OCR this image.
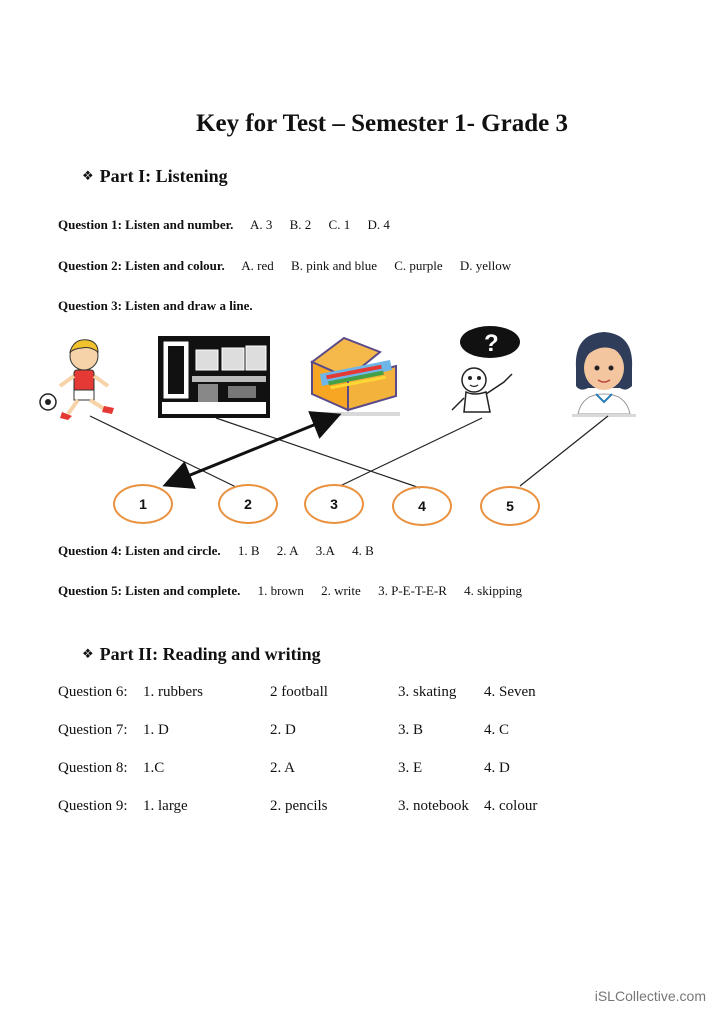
Key for Test – Semester 1- Grade 3
❖ Part I: Listening
Question 1: Listen and number. A. 3 B. 2 C. 1 D. 4
Question 2: Listen and colour. A. red B. pink and blue C. purple D. yellow
Question 3: Listen and draw a line.
?
1	2	3	4	5
Question 4: Listen and circle. 1. B 2. A 3.A 4. B
Question 5: Listen and complete. 1. brown 2. write 3. P-E-T-E-R 4. skipping
❖ Part II: Reading and writing
Question 6: 1. rubbers	2 football	3. skating 4. Seven
Question 7: 1. D	2. D	3. B	4. C
Question 8: 1.C	2. A	3. E	4. D
Question 9: 1. large	2. pencils	3. notebook 4. colour
iSLCollective.com
